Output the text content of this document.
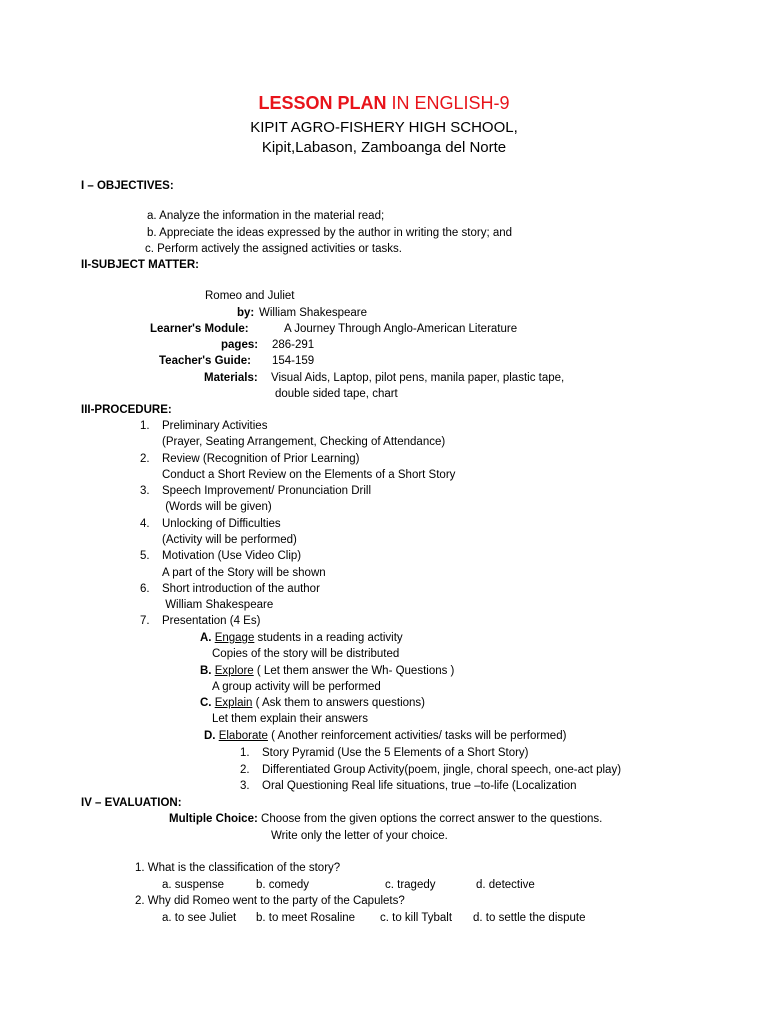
LESSON PLAN IN ENGLISH-9
KIPIT AGRO-FISHERY HIGH SCHOOL,
Kipit,Labason, Zamboanga del Norte
I – OBJECTIVES:
a. Analyze the information in the material read;
b. Appreciate the ideas expressed by the author in writing the story; and
c. Perform actively the assigned activities or tasks.
II-SUBJECT MATTER:
Romeo and Juliet
by: William Shakespeare
Learner's Module:	A Journey Through Anglo-American Literature
pages: 286-291
Teacher's Guide: 154-159
Materials: Visual Aids, Laptop, pilot pens, manila paper, plastic tape,
double sided tape, chart
III-PROCEDURE:
1. Preliminary Activities
(Prayer, Seating Arrangement, Checking of Attendance)
2. Review (Recognition of Prior Learning)
Conduct a Short Review on the Elements of a Short Story
3. Speech Improvement/ Pronunciation Drill
(Words will be given)
4. Unlocking of Difficulties
(Activity will be performed)
5. Motivation (Use Video Clip)
A part of the Story will be shown
6. Short introduction of the author
William Shakespeare
7. Presentation (4 Es)
A. Engage students in a reading activity
Copies of the story will be distributed
B. Explore ( Let them answer the Wh- Questions )
A group activity will be performed
C. Explain ( Ask them to answers questions)
Let them explain their answers
D. Elaborate ( Another reinforcement activities/ tasks will be performed)
1. Story Pyramid (Use the 5 Elements of a Short Story)
2. Differentiated Group Activity(poem, jingle, choral speech, one-act play)
3. Oral Questioning Real life situations, true –to-life (Localization
IV – EVALUATION:
Multiple Choice: Choose from the given options the correct answer to the questions.
Write only the letter of your choice.
1. What is the classification of the story?
a. suspense	b. comedy	c. tragedy	d. detective
2. Why did Romeo went to the party of the Capulets?
a. to see Juliet b. to meet Rosaline c. to kill Tybalt d. to settle the dispute
